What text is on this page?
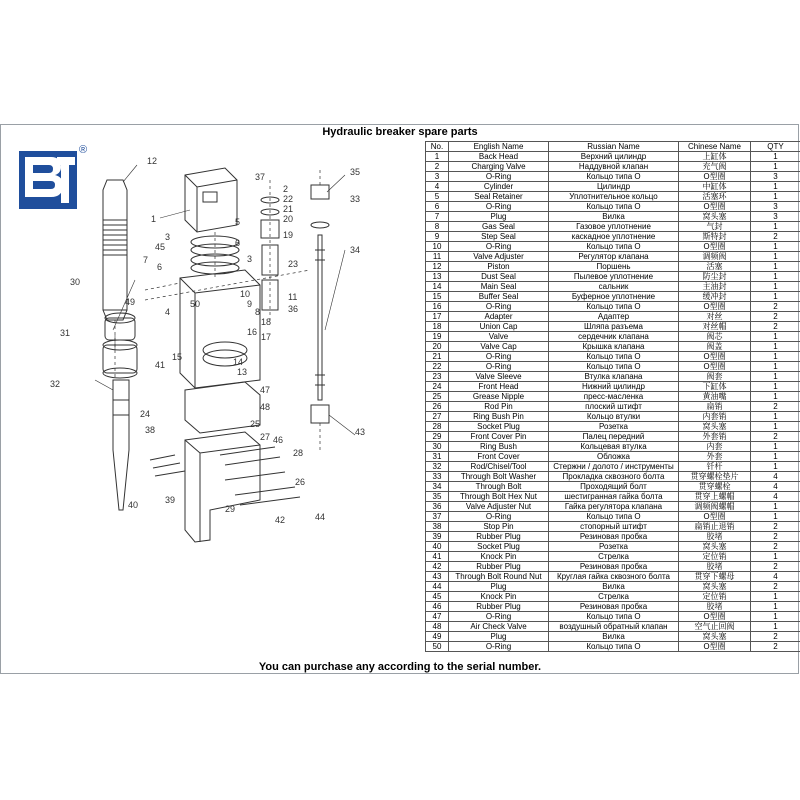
Hydraulic breaker spare parts
®
12
1
37
22
21
20
19
23
11
36
35
33
34
43
3
5
6
3
45
7
6
49	50
4
10
9
8
18
16 17
15	14
13
41
30
31
32
24
47
48
25
27 46
28
26
38
39
40	29
42	44
2
No.	English Name	Russian Name	Chinese Name	QTY
1	Back Head	Верхний цилиндр	上缸体	1
2	Charging Valve	Наддувной клапан	充气阀	1
3	O-Ring	Кольцо типа О	O型圈	3
4	Cylinder	Цилиндр	中缸体	1
5	Seal Retainer	Уплотнительное кольцо	活塞环	1
6	O-Ring	Кольцо типа О	O型圈	3
7	Plug	Вилка	窝头塞	3
8	Gas Seal	Газовое уплотнение	气封	1
9	Step Seal	каскадное уплотнение	斯特封	2
10	O-Ring	Кольцо типа О	O型圈	1
11	Valve Adjuster	Регулятор клапана	调频阀	1
12	Piston	Поршень	活塞	1
13	Dust Seal	Пылевое уплотнение	防尘封	1
14	Main Seal	сальник	主油封	1
15	Buffer Seal	Буферное уплотнение	缓冲封	1
16	O-Ring	Кольцо типа О	O型圈	2
17	Adapter	Адаптер	对丝	2
18	Union Cap	Шляпа разъема	对丝帽	2
19	Valve	сердечник клапана	阀芯	1
20	Valve Cap	Крышка клапана	阀盖	1
21	O-Ring	Кольцо типа О	O型圈	1
22	O-Ring	Кольцо типа О	O型圈	1
23	Valve Sleeve	Втулка клапана	阀套	1
24	Front Head	Нижний цилиндр	下缸体	1
25	Grease Nipple	пресс-масленка	黄油嘴	1
26	Rod Pin	плоский штифт	扁销	2
27	Ring Bush Pin	Кольцо втулки	内套销	1
28	Socket Plug	Розетка	窝头塞	1
29	Front Cover Pin	Палец передний	外套销	2
30	Ring Bush	Кольцевая втулка	内套	1
31	Front Cover	Обложка	外套	1
32	Rod/Chisel/Tool	Стержни / долото / инструменты	钎杆	1
33	Through Bolt Washer	Прокладка сквозного болта	贯穿螺栓垫片	4
34	Through Bolt	Проходящий болт	贯穿螺栓	4
35	Through Bolt Hex Nut	шестигранная гайка болта	贯穿上螺帽	4
36	Valve Adjuster Nut	Гайка регулятора клапана	调频阀螺帽	1
37	O-Ring	Кольцо типа О	O型圈	1
38	Stop Pin	стопорный штифт	扁销止退销	2
39	Rubber Plug	Резиновая пробка	胶堵	2
40	Socket Plug	Розетка	窝头塞	2
41	Knock Pin	Стрелка	定位销	1
42	Rubber Plug	Резиновая пробка	胶堵	2
43	Through Bolt Round Nut	Круглая гайка сквозного болта	贯穿下螺母	4
44	Plug	Вилка	窝头塞	2
45	Knock Pin	Стрелка	定位销	1
46	Rubber Plug	Резиновая пробка	胶堵	1
47	O-Ring	Кольцо типа О	O型圈	1
48	Air Check Valve	воздушный обратный клапан	空气止回阀	1
49	Plug	Вилка	窝头塞	2
50	O-Ring	Кольцо типа О	O型圈	2
You can purchase any according to the serial number.
